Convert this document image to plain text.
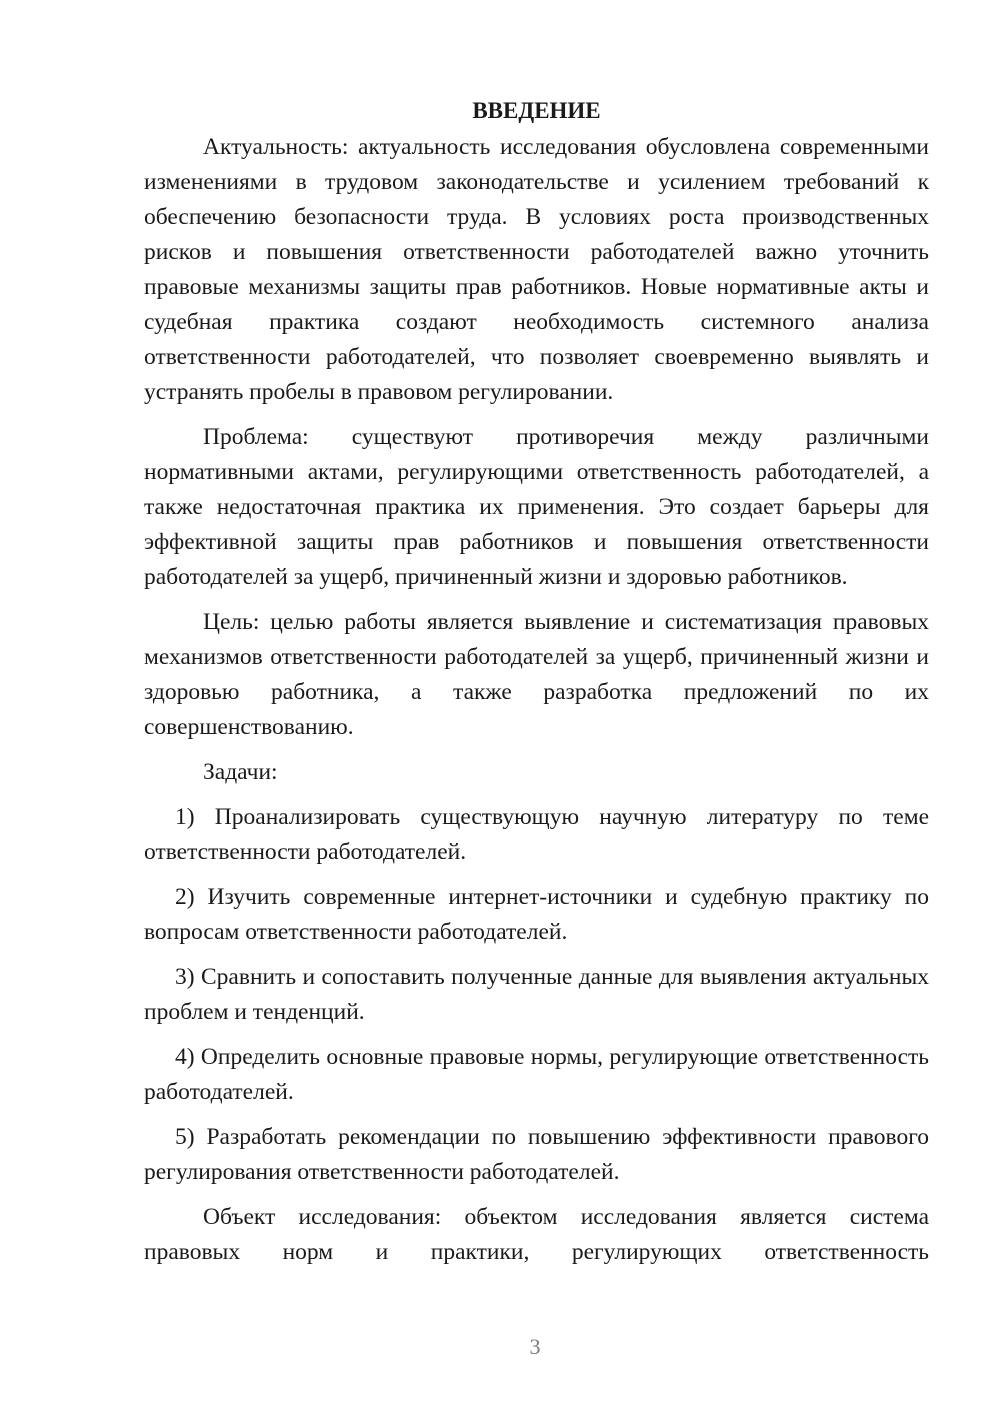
ВВЕДЕНИЕ

Актуальность: актуальность исследования обусловлена современными изменениями в трудовом законодательстве и усилением требований к обеспечению безопасности труда. В условиях роста производственных рисков и повышения ответственности работодателей важно уточнить правовые механизмы защиты прав работников. Новые нормативные акты и судебная практика создают необходимость системного анализа ответственности работодателей, что позволяет своевременно выявлять и устранять пробелы в правовом регулировании.

Проблема: существуют противоречия между различными нормативными актами, регулирующими ответственность работодателей, а также недостаточная практика их применения. Это создает барьеры для эффективной защиты прав работников и повышения ответственности работодателей за ущерб, причиненный жизни и здоровью работников.

Цель: целью работы является выявление и систематизация правовых механизмов ответственности работодателей за ущерб, причиненный жизни и здоровью работника, а также разработка предложений по их совершенствованию.

Задачи:

1) Проанализировать существующую научную литературу по теме ответственности работодателей.

2) Изучить современные интернет-источники и судебную практику по вопросам ответственности работодателей.

3) Сравнить и сопоставить полученные данные для выявления актуальных проблем и тенденций.

4) Определить основные правовые нормы, регулирующие ответственность работодателей.

5) Разработать рекомендации по повышению эффективности правового регулирования ответственности работодателей.

Объект исследования: объектом исследования является система правовых норм и практики, регулирующих ответственность

3
